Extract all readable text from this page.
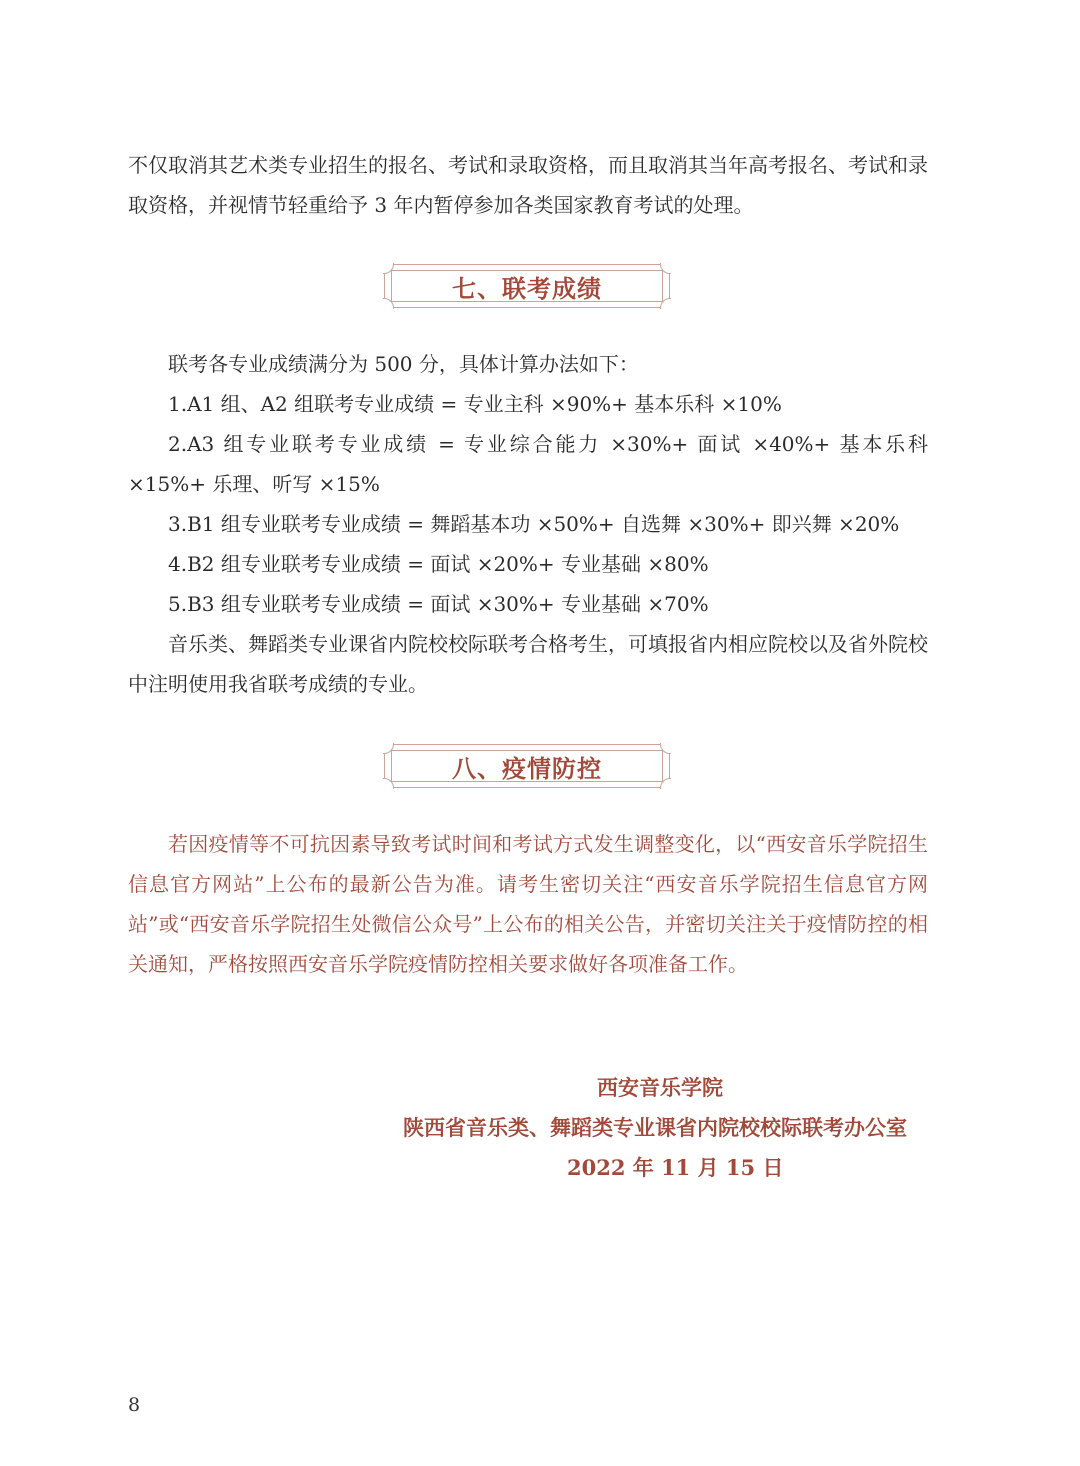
不仅取消其艺术类专业招生的报名、考试和录取资格，而且取消其当年高考报名、考试和录取资格，并视情节轻重给予 3 年内暂停参加各类国家教育考试的处理。

七、联考成绩

联考各专业成绩满分为 500 分，具体计算办法如下：

1.A1 组、A2 组联考专业成绩 = 专业主科 ×90%+ 基本乐科 ×10%

2.A3 组专业联考专业成绩 = 专业综合能力 ×30%+ 面试 ×40%+ 基本乐科 ×15%+ 乐理、听写 ×15%

3.B1 组专业联考专业成绩 = 舞蹈基本功 ×50%+ 自选舞 ×30%+ 即兴舞 ×20%

4.B2 组专业联考专业成绩 = 面试 ×20%+ 专业基础 ×80%

5.B3 组专业联考专业成绩 = 面试 ×30%+ 专业基础 ×70%

音乐类、舞蹈类专业课省内院校校际联考合格考生，可填报省内相应院校以及省外院校中注明使用我省联考成绩的专业。

八、疫情防控

若因疫情等不可抗因素导致考试时间和考试方式发生调整变化，以“西安音乐学院招生信息官方网站”上公布的最新公告为准。请考生密切关注“西安音乐学院招生信息官方网站”或“西安音乐学院招生处微信公众号”上公布的相关公告，并密切关注关于疫情防控的相关通知，严格按照西安音乐学院疫情防控相关要求做好各项准备工作。

西安音乐学院
陕西省音乐类、舞蹈类专业课省内院校校际联考办公室
2022 年 11 月 15 日
8
